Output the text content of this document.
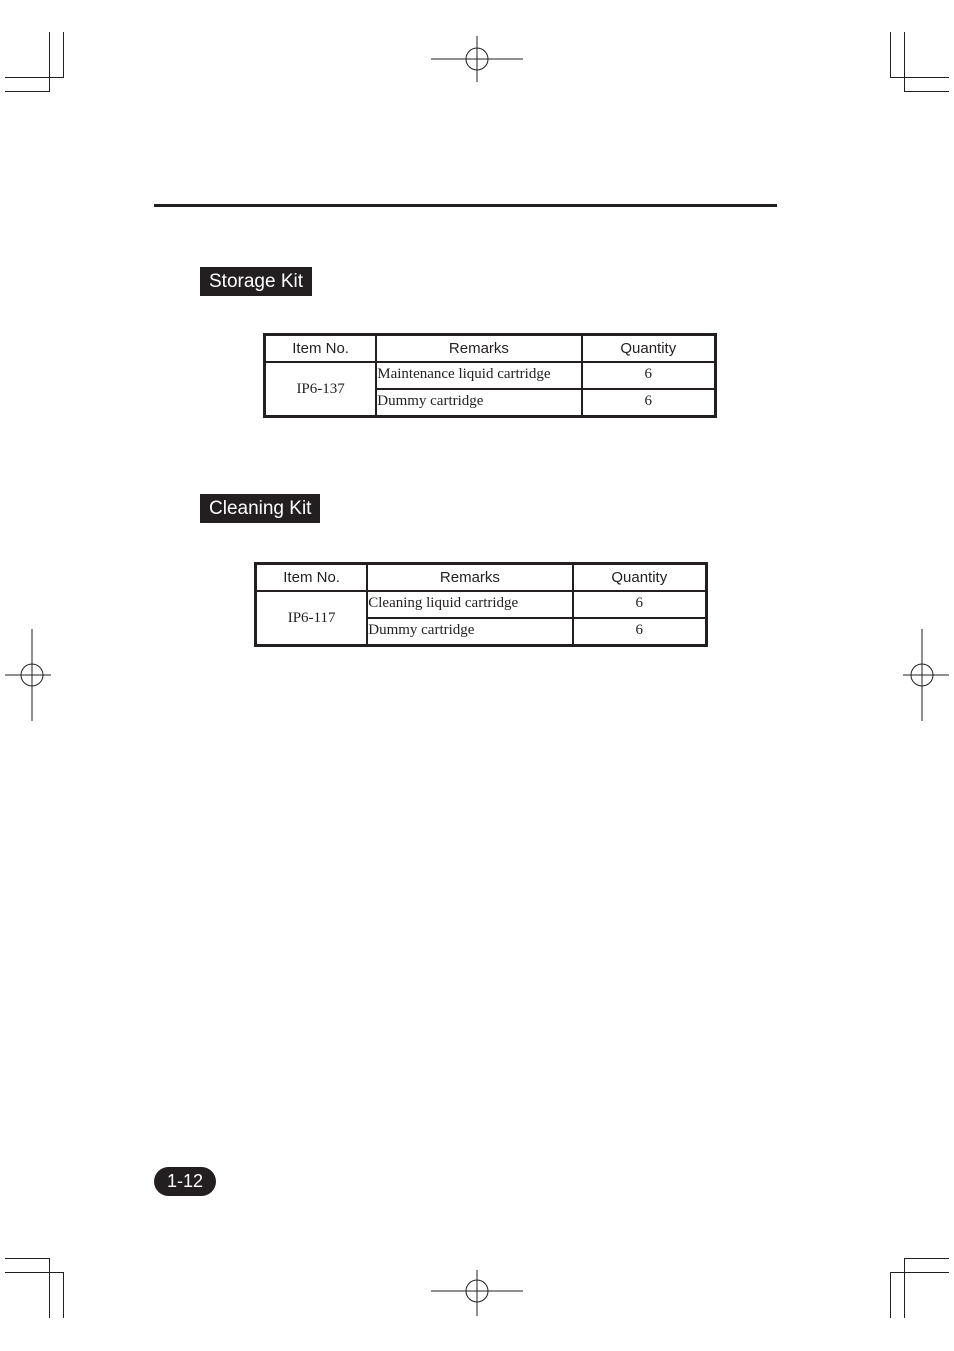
Storage Kit
Item No.	Remarks	Quantity
IP6-137	Maintenance liquid cartridge	6
	Dummy cartridge	6
Cleaning Kit
Item No.	Remarks	Quantity
IP6-117	Cleaning liquid cartridge	6
	Dummy cartridge	6
1-12
